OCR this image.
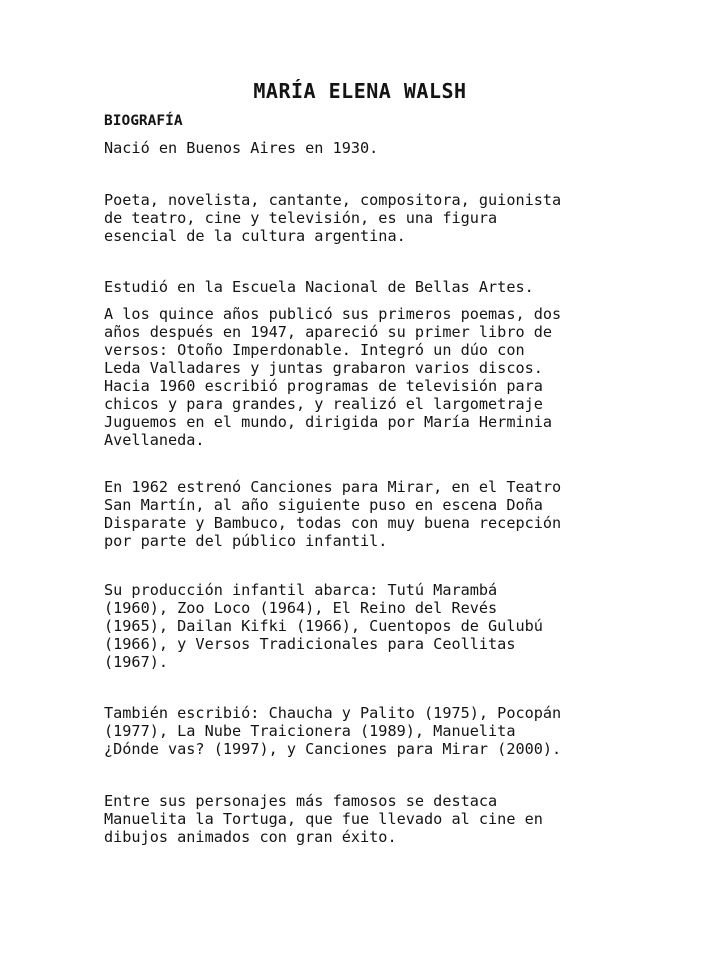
MARÍA ELENA WALSH
BIOGRAFÍA

Nació en Buenos Aires en 1930.

Poeta, novelista, cantante, compositora, guionista
de teatro, cine y televisión, es una figura
esencial de la cultura argentina.

Estudió en la Escuela Nacional de Bellas Artes.

A los quince años publicó sus primeros poemas, dos
años después en 1947, apareció su primer libro de
versos: Otoño Imperdonable. Integró un dúo con
Leda Valladares y juntas grabaron varios discos.
Hacia 1960 escribió programas de televisión para
chicos y para grandes, y realizó el largometraje
Juguemos en el mundo, dirigida por María Herminia
Avellaneda.

En 1962 estrenó Canciones para Mirar, en el Teatro
San Martín, al año siguiente puso en escena Doña
Disparate y Bambuco, todas con muy buena recepción
por parte del público infantil.

Su producción infantil abarca: Tutú Marambá
(1960), Zoo Loco (1964), El Reino del Revés
(1965), Dailan Kifki (1966), Cuentopos de Gulubú
(1966), y Versos Tradicionales para Ceollitas
(1967).

También escribió: Chaucha y Palito (1975), Pocopán
(1977), La Nube Traicionera (1989), Manuelita
¿Dónde vas? (1997), y Canciones para Mirar (2000).

Entre sus personajes más famosos se destaca
Manuelita la Tortuga, que fue llevado al cine en
dibujos animados con gran éxito.
